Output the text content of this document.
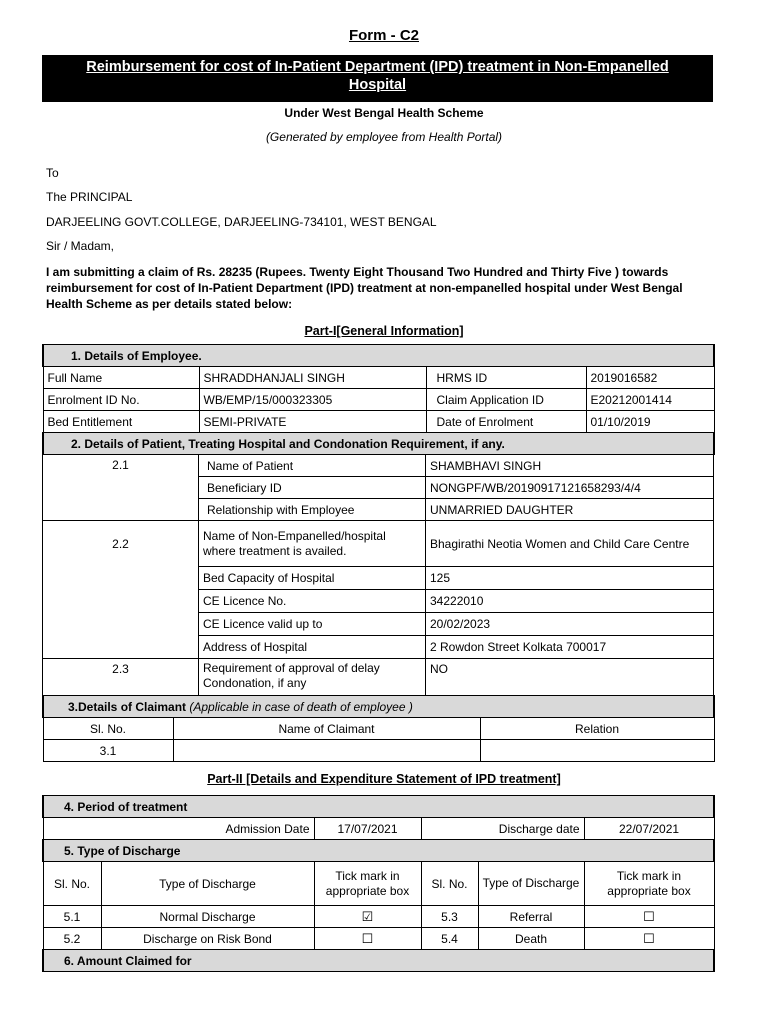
Form - C2
Reimbursement for cost of In-Patient Department (IPD) treatment in Non-Empanelled Hospital
Under West Bengal Health Scheme
(Generated by employee from Health Portal)
To
The PRINCIPAL
DARJEELING GOVT.COLLEGE, DARJEELING-734101, WEST BENGAL
Sir / Madam,
I am submitting a claim of Rs. 28235 (Rupees. Twenty Eight Thousand Two Hundred and Thirty Five ) towards reimbursement for cost of In-Patient Department (IPD) treatment at non-empanelled hospital under West Bengal Health Scheme as per details stated below:
Part-I[General Information]
1. Details of Employee.			
Full Name	SHRADDHANJALI SINGH	HRMS ID	2019016582
Enrolment ID No.	WB/EMP/15/000323305	Claim Application ID	E20212001414
Bed Entitlement	SEMI-PRIVATE	Date of Enrolment	01/10/2019
2. Details of Patient, Treating Hospital and Condonation Requirement, if any.			
2.1	Name of Patient	SHAMBHAVI SINGH
	Beneficiary ID	NONGPF/WB/20190917121658293/4/4
	Relationship with Employee	UNMARRIED DAUGHTER
2.2	Name of Non-Empanelled/hospital where treatment is availed.	Bhagirathi Neotia Women and Child Care Centre
	Bed Capacity of Hospital	125
	CE Licence No.	34222010
	CE Licence valid up to	20/02/2023
	Address of Hospital	2 Rowdon Street Kolkata 700017
2.3	Requirement of approval of delay Condonation, if any	NO
3.Details of Claimant (Applicable in case of death of employee )		
Sl. No.	Name of Claimant	Relation
3.1		
Part-II [Details and Expenditure Statement of IPD treatment]
4. Period of treatment
Admission Date	17/07/2021	Discharge date	22/07/2021
5. Type of Discharge
Sl. No.	Type of Discharge	Tick mark in appropriate box	Sl. No.	Type of Discharge	Tick mark in appropriate box
5.1	Normal Discharge	☑	5.3	Referral	☐
5.2	Discharge on Risk Bond	☐	5.4	Death	☐
6. Amount Claimed for					
